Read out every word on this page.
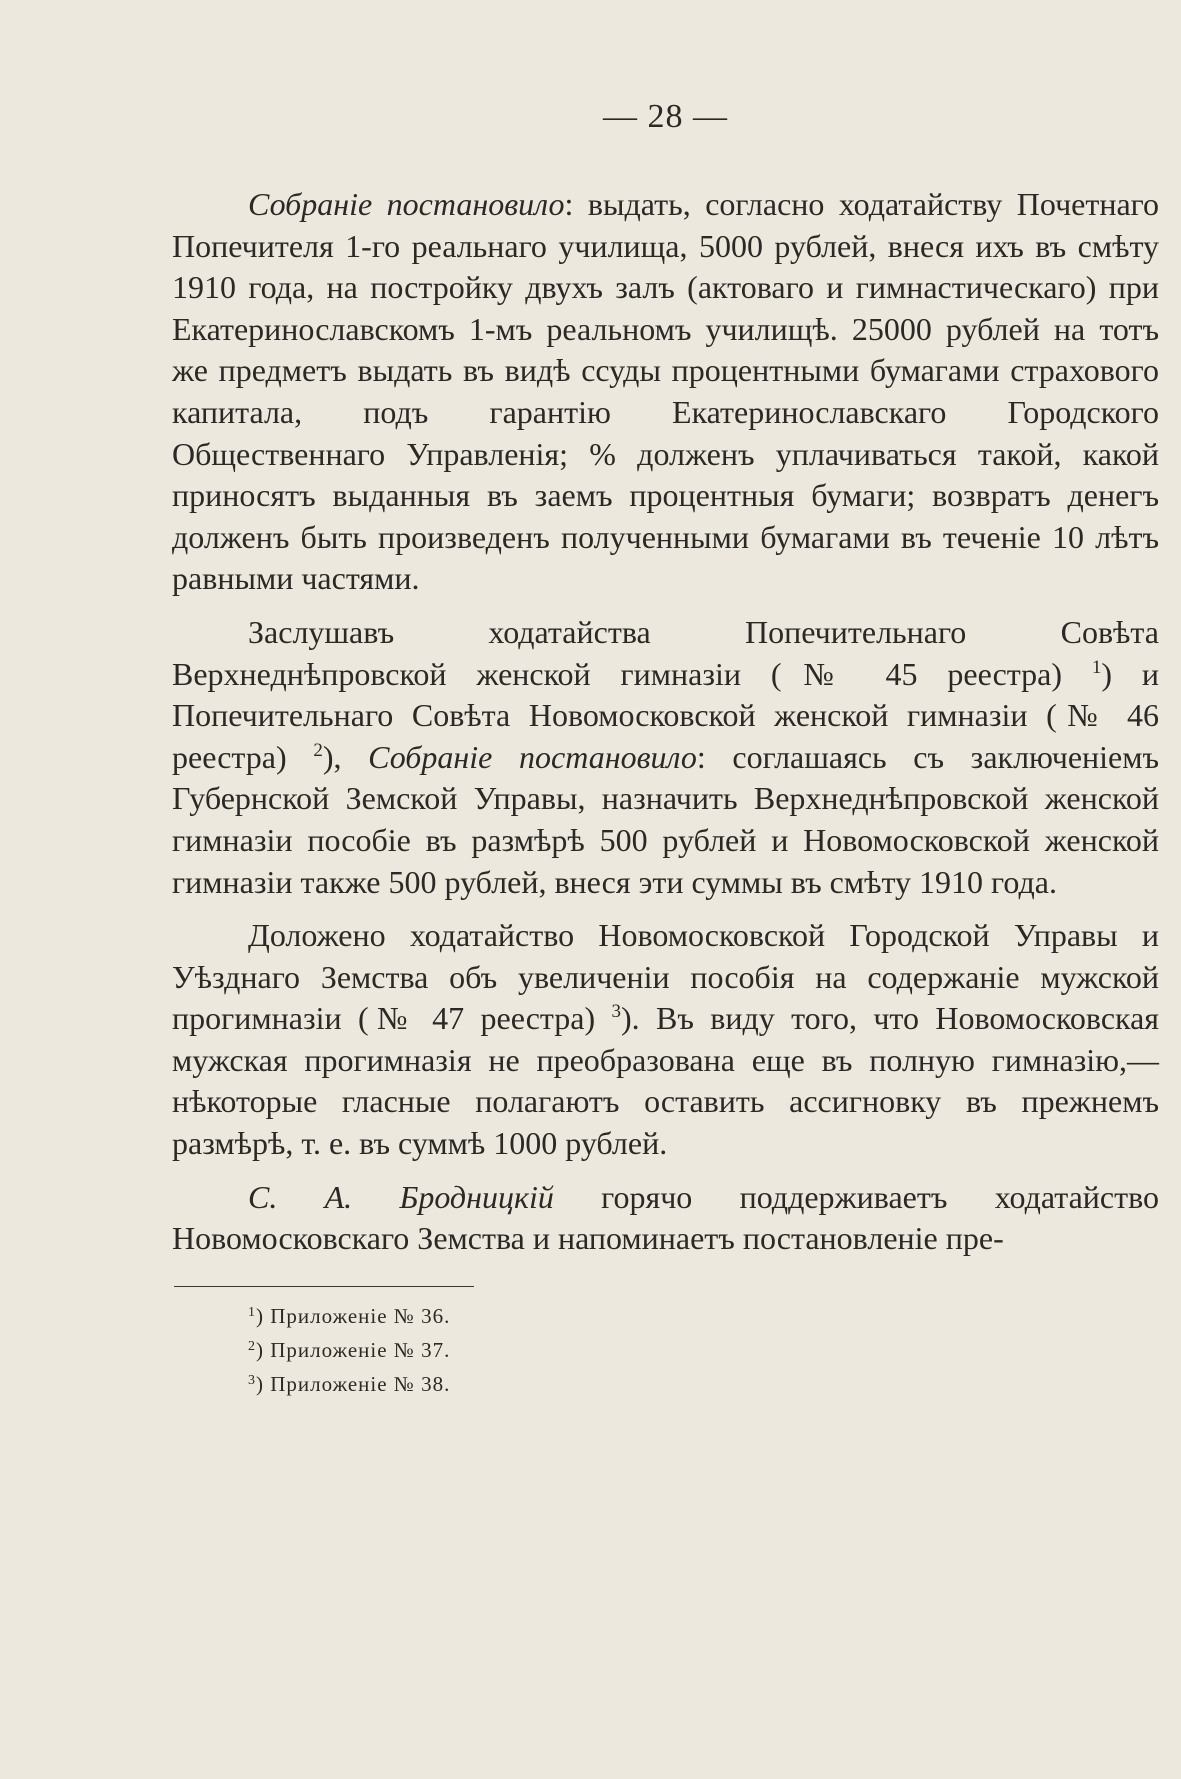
— 28 —

Собраніе постановило: выдать, согласно ходатайству Почетнаго Попечителя 1-го реальнаго училища, 5000 рублей, внеся ихъ въ смѣту 1910 года, на постройку двухъ залъ (актоваго и гимнастическаго) при Екатеринославскомъ 1-мъ реальномъ училищѣ. 25000 рублей на тотъ же предметъ выдать въ видѣ ссуды процентными бумагами страхового капитала, подъ гарантію Екатеринославскаго Городского Общественнаго Управленія; % долженъ уплачиваться такой, какой приносятъ выданныя въ заемъ процентныя бумаги; возвратъ денегъ долженъ быть произведенъ полученными бумагами въ теченіе 10 лѣтъ равными частями.

Заслушавъ ходатайства Попечительнаго Совѣта Верхнеднѣпровской женской гимназіи (№ 45 реестра) $^1$) и Попечительнаго Совѣта Новомосковской женской гимназіи (№ 46 реестра) $^2$), Собраніе постановило: соглашаясь съ заключеніемъ Губернской Земской Управы, назначить Верхнеднѣпровской женской гимназіи пособіе въ размѣрѣ 500 рублей и Новомосковской женской гимназіи также 500 рублей, внеся эти суммы въ смѣту 1910 года.

Доложено ходатайство Новомосковской Городской Управы и Уѣзднаго Земства объ увеличеніи пособія на содержаніе мужской прогимназіи (№ 47 реестра) $^3$). Въ виду того, что Новомосковская мужская прогимназія не преобразована еще въ полную гимназію,—нѣкоторые гласные полагаютъ оставить ассигновку въ прежнемъ размѣрѣ, т. е. въ суммѣ 1000 рублей.

С. А. Бродницкій горячо поддерживаетъ ходатайство Новомосковскаго Земства и напоминаетъ постановленіе пре-

$^1$) Приложеніе № 36.
$^2$) Приложеніе № 37.
$^3$) Приложеніе № 38.
